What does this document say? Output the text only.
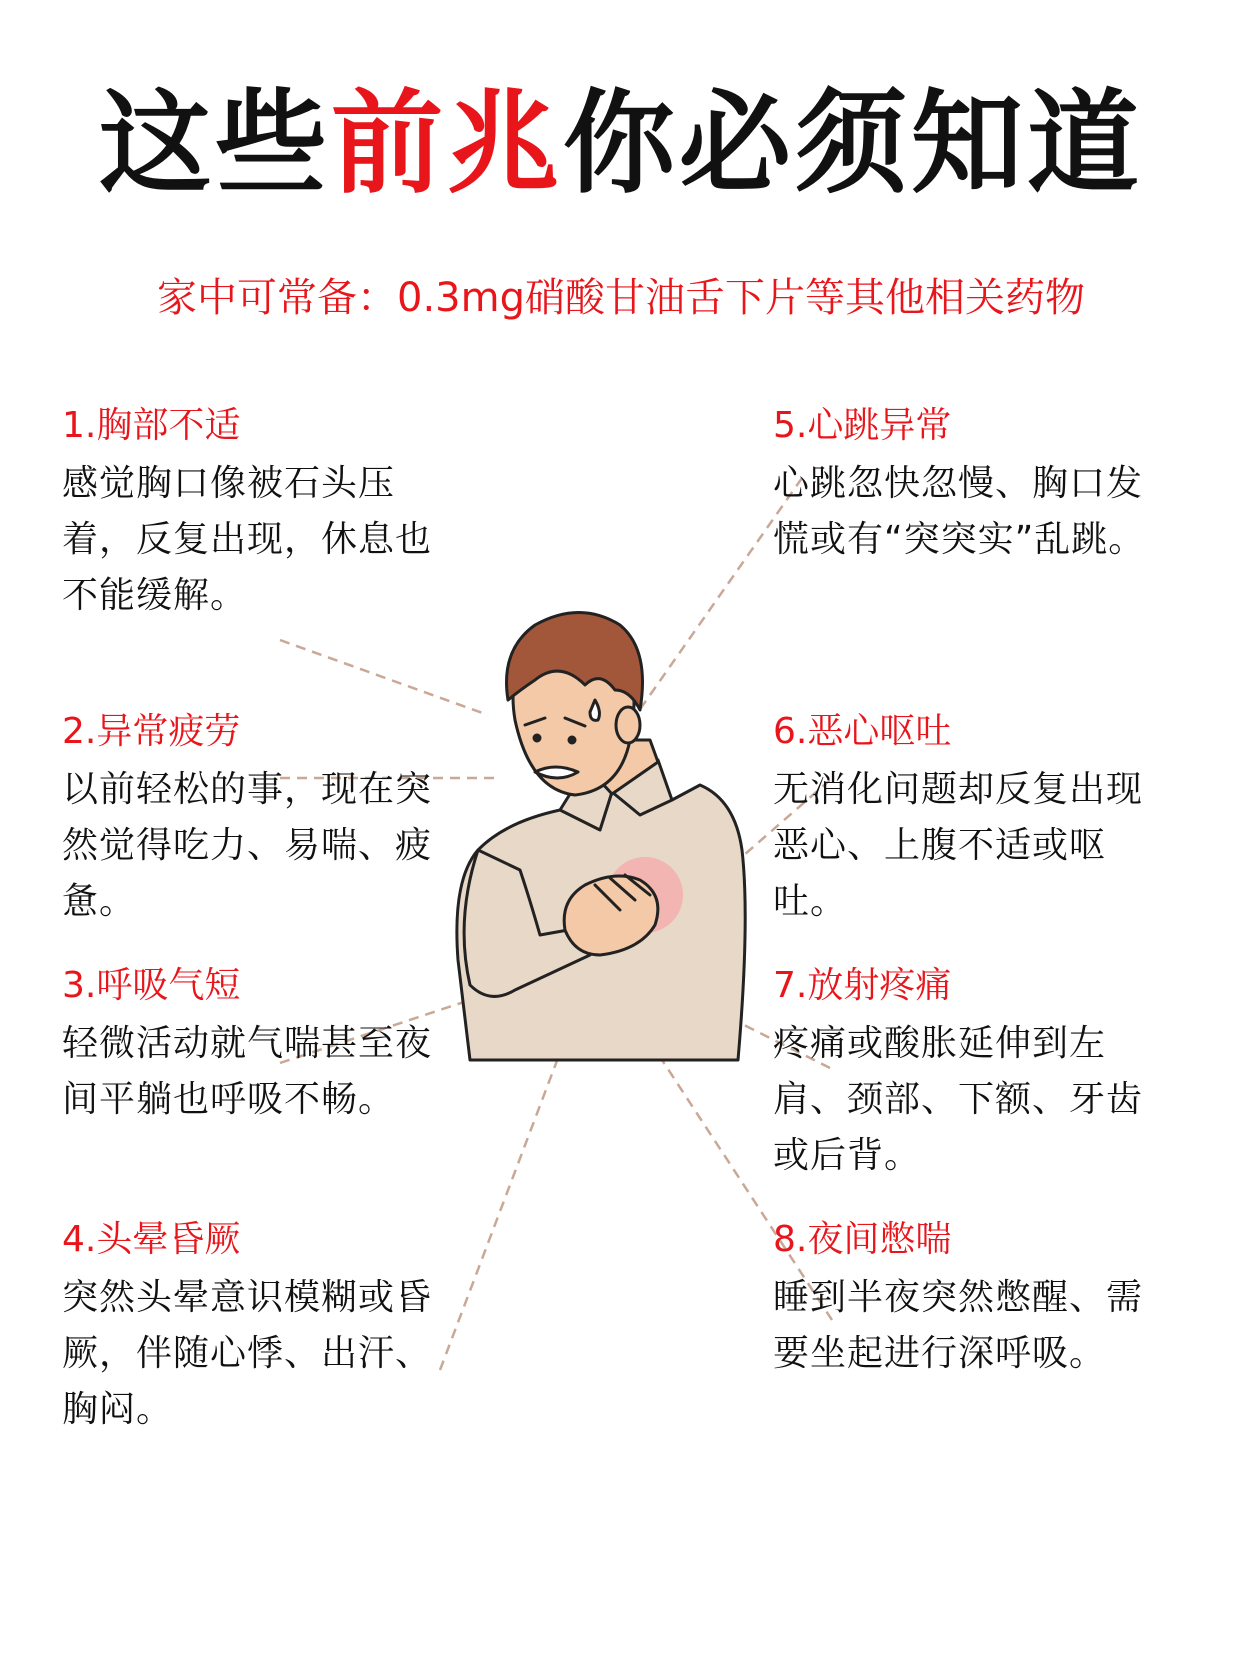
这些前兆你必须知道

家中可常备：0.3mg硝酸甘油舌下片等其他相关药物

1.胸部不适

感觉胸口像被石头压着，反复出现，休息也不能缓解。

2.异常疲劳

以前轻松的事，现在突然觉得吃力、易喘、疲惫。

3.呼吸气短

轻微活动就气喘甚至夜间平躺也呼吸不畅。

4.头晕昏厥

突然头晕意识模糊或昏厥，伴随心悸、出汗、胸闷。

5.心跳异常

心跳忽快忽慢、胸口发慌或有“突突实”乱跳。

6.恶心呕吐

无消化问题却反复出现恶心、上腹不适或呕吐。

7.放射疼痛

疼痛或酸胀延伸到左肩、颈部、下额、牙齿或后背。

8.夜间憋喘

睡到半夜突然憋醒、需要坐起进行深呼吸。
